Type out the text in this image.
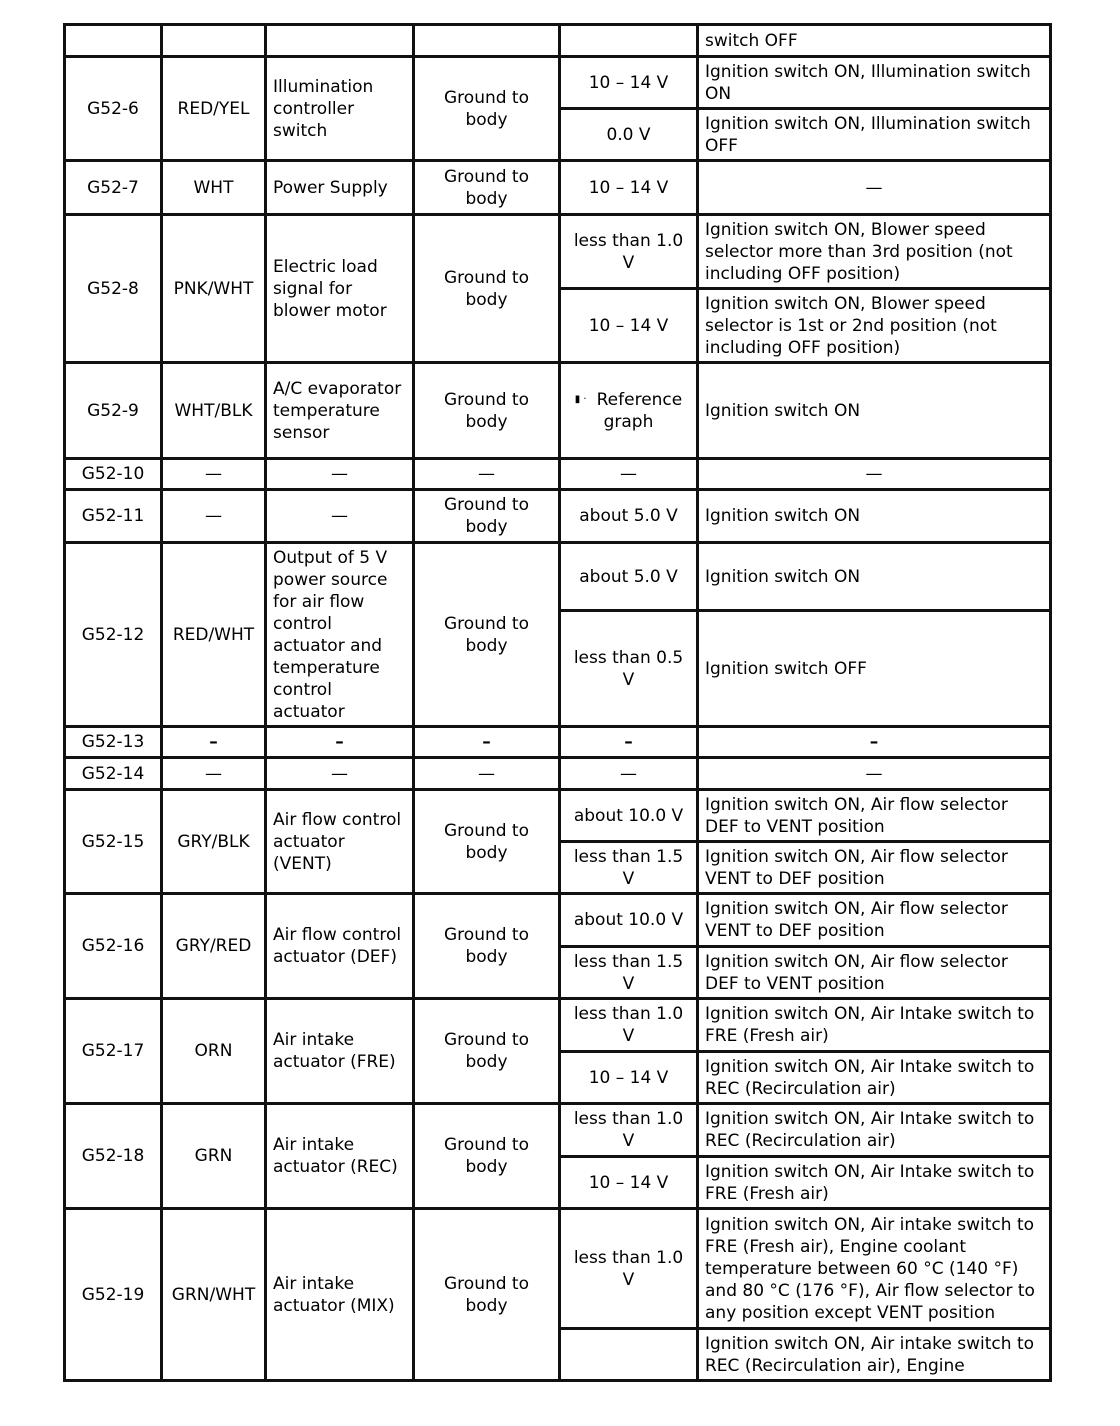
					switch OFF
G52-6	RED/YEL	Illumination controller switch	Ground to body	10 – 14 V	Ignition switch ON, Illumination switch ON
				0.0 V	Ignition switch ON, Illumination switch OFF
G52-7	WHT	Power Supply	Ground to body	10 – 14 V	—
G52-8	PNK/WHT	Electric load signal for blower motor	Ground to body	less than 1.0 V	Ignition switch ON, Blower speed selector more than 3rd position (not including OFF position)
				10 – 14 V	Ignition switch ON, Blower speed selector is 1st or 2nd position (not including OFF position)
G52-9	WHT/BLK	A/C evaporator temperature sensor	Ground to body	▮ · Reference graph	Ignition switch ON
G52-10	—	—	—	—	—
G52-11	—	—	Ground to body	about 5.0 V	Ignition switch ON
G52-12	RED/WHT	Output of 5 V power source for air flow control actuator and temperature control actuator	Ground to body	about 5.0 V	Ignition switch ON
				less than 0.5 V	Ignition switch OFF
G52-13	–	–	–	–	–
G52-14	—	—	—	—	—
G52-15	GRY/BLK	Air flow control actuator (VENT)	Ground to body	about 10.0 V	Ignition switch ON, Air flow selector DEF to VENT position
				less than 1.5 V	Ignition switch ON, Air flow selector VENT to DEF position
G52-16	GRY/RED	Air flow control actuator (DEF)	Ground to body	about 10.0 V	Ignition switch ON, Air flow selector VENT to DEF position
				less than 1.5 V	Ignition switch ON, Air flow selector DEF to VENT position
G52-17	ORN	Air intake actuator (FRE)	Ground to body	less than 1.0 V	Ignition switch ON, Air Intake switch to FRE (Fresh air)
				10 – 14 V	Ignition switch ON, Air Intake switch to REC (Recirculation air)
G52-18	GRN	Air intake actuator (REC)	Ground to body	less than 1.0 V	Ignition switch ON, Air Intake switch to REC (Recirculation air)
				10 – 14 V	Ignition switch ON, Air Intake switch to FRE (Fresh air)
G52-19	GRN/WHT	Air intake actuator (MIX)	Ground to body	less than 1.0 V	Ignition switch ON, Air intake switch to FRE (Fresh air), Engine coolant temperature between 60 °C (140 °F) and 80 °C (176 °F), Air flow selector to any position except VENT position
					Ignition switch ON, Air intake switch to REC (Recirculation air), Engine
